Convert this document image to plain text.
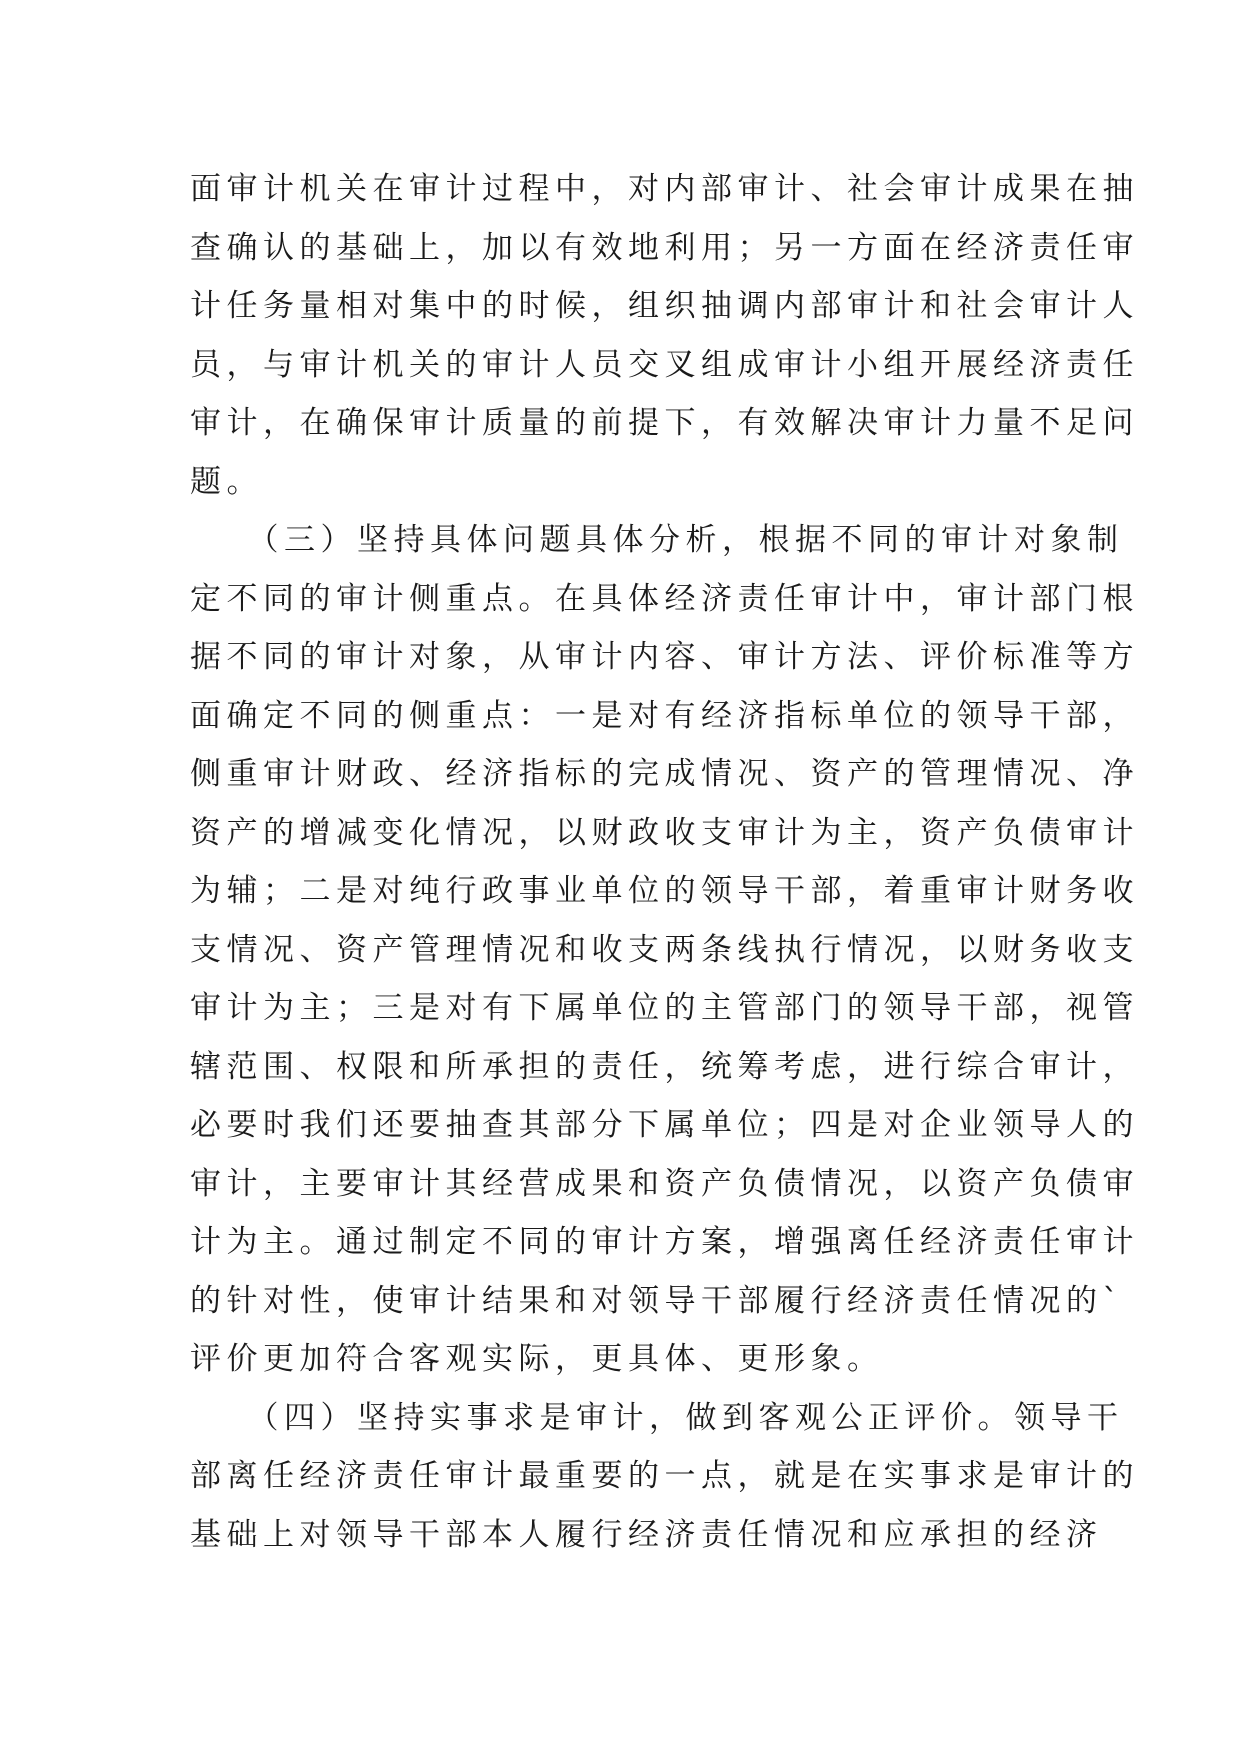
面审计机关在审计过程中，对内部审计、社会审计成果在抽
查确认的基础上，加以有效地利用；另一方面在经济责任审
计任务量相对集中的时候，组织抽调内部审计和社会审计人
员，与审计机关的审计人员交叉组成审计小组开展经济责任
审计，在确保审计质量的前提下，有效解决审计力量不足问
题。
　　（三）坚持具体问题具体分析，根据不同的审计对象制
定不同的审计侧重点。在具体经济责任审计中，审计部门根
据不同的审计对象，从审计内容、审计方法、评价标准等方
面确定不同的侧重点：一是对有经济指标单位的领导干部，
侧重审计财政、经济指标的完成情况、资产的管理情况、净
资产的增减变化情况，以财政收支审计为主，资产负债审计
为辅；二是对纯行政事业单位的领导干部，着重审计财务收
支情况、资产管理情况和收支两条线执行情况，以财务收支
审计为主；三是对有下属单位的主管部门的领导干部，视管
辖范围、权限和所承担的责任，统筹考虑，进行综合审计，
必要时我们还要抽查其部分下属单位；四是对企业领导人的
审计，主要审计其经营成果和资产负债情况，以资产负债审
计为主。通过制定不同的审计方案，增强离任经济责任审计
的针对性，使审计结果和对领导干部履行经济责任情况的`
评价更加符合客观实际，更具体、更形象。
　　（四）坚持实事求是审计，做到客观公正评价。领导干
部离任经济责任审计最重要的一点，就是在实事求是审计的
基础上对领导干部本人履行经济责任情况和应承担的经济
